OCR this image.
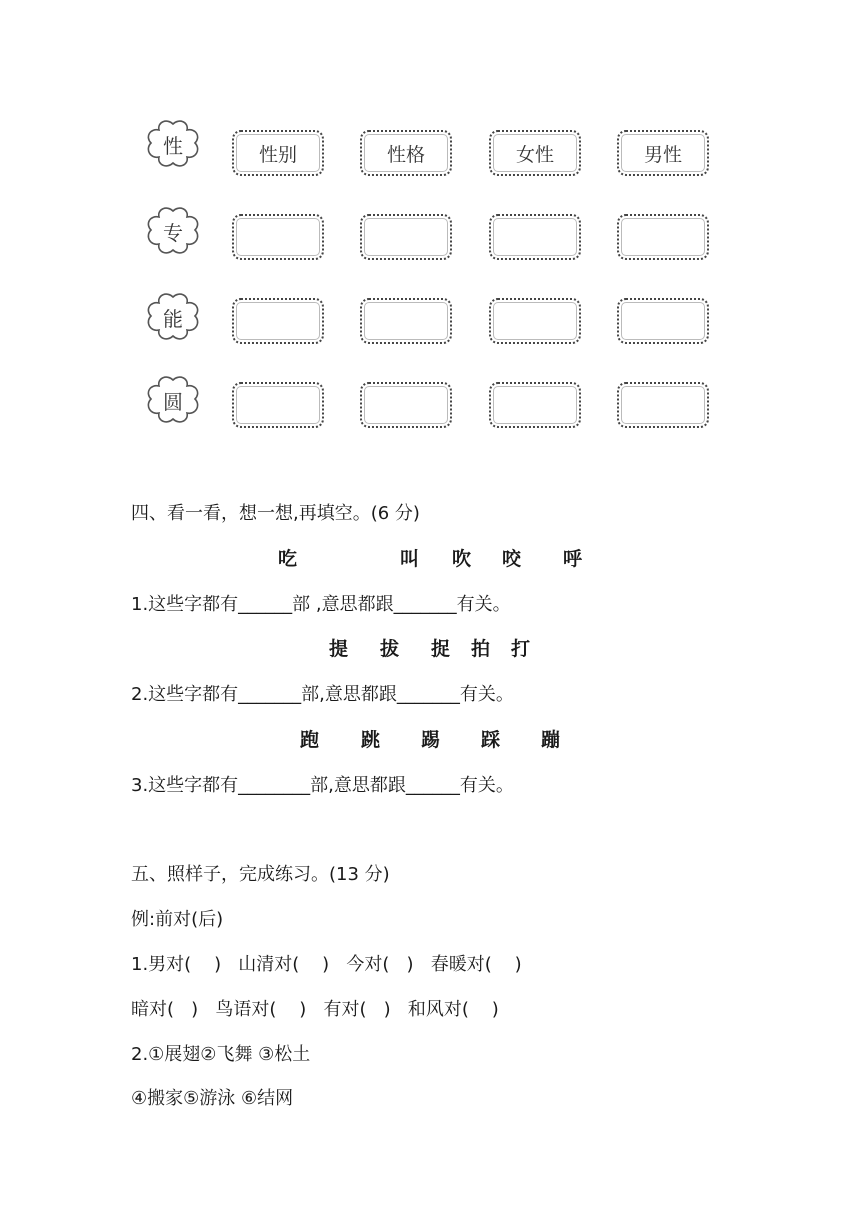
性	性别	性格	女性	男性
专
能
圆
四、看一看，想一想,再填空。(6 分)
吃	叫 吹 咬 呼
1.这些字都有______部 ,意思都跟_______有关。
提 拔 捉 拍 打
2.这些字都有_______部,意思都跟_______有关。
跑 跳 踢 踩 蹦
3.这些字都有________部,意思都跟______有关。
五、照样子，完成练习。(13 分)
例:前对(后)
1.男对(    )   山清对(    )   今对(   )   春暖对(    )
暗对(   )   鸟语对(    )   有对(   )   和风对(    )
2.①展翅②飞舞 ③松土
④搬家⑤游泳 ⑥结网
